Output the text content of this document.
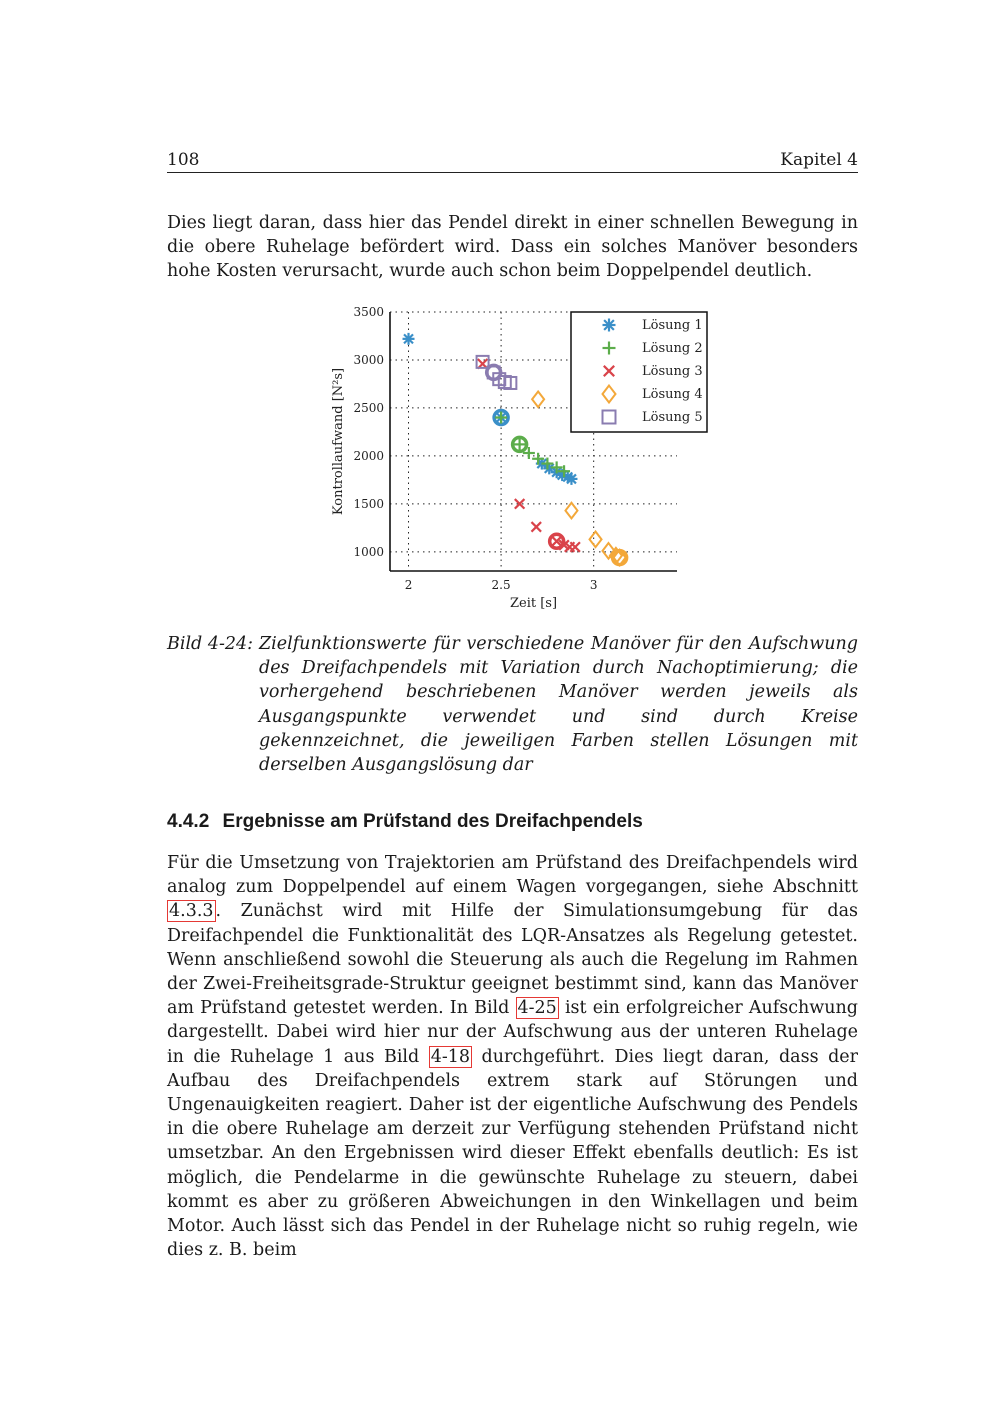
108	Kapitel 4

Dies liegt daran, dass hier das Pendel direkt in einer schnellen Bewegung in die obere Ruhelage befördert wird. Dass ein solches Manöver besonders hohe Kosten verursacht, wurde auch schon beim Doppelpendel deutlich.

2	2.5	3
1000
1500
2000
2500
3000
3500
Zeit [s]
Kontrollaufwand [N²s]
Lösung 1
Lösung 2
Lösung 3
Lösung 4
Lösung 5
Bild 4-24: Zielfunktionswerte für verschiedene Manöver für den Aufschwung des Dreifachpendels mit Variation durch Nachoptimierung; die vorhergehend beschriebenen Manöver werden jeweils als Ausgangspunkte verwendet und sind durch Kreise gekennzeichnet, die jeweiligen Farben stellen Lösungen mit derselben Ausgangslösung dar
4.4.2 Ergebnisse am Prüfstand des Dreifachpendels

Für die Umsetzung von Trajektorien am Prüfstand des Dreifachpendels wird analog zum Doppelpendel auf einem Wagen vorgegangen, siehe Abschnitt 4.3.3 . Zunächst wird mit Hilfe der Simulationsumgebung für das Dreifachpendel die Funktionalität des LQR-Ansatzes als Regelung getestet. Wenn anschließend sowohl die Steuerung als auch die Regelung im Rahmen der Zwei-Freiheitsgrade-Struktur geeignet bestimmt sind, kann das Manöver am Prüfstand getestet werden. In Bild 4-25 ist ein erfolgreicher Aufschwung dargestellt. Dabei wird hier nur der Aufschwung aus der unteren Ruhelage in die Ruhelage 1 aus Bild 4-18 durchgeführt. Dies liegt daran, dass der Aufbau des Dreifachpendels extrem stark auf Störungen und Ungenauigkeiten reagiert. Daher ist der eigentliche Aufschwung des Pendels in die obere Ruhelage am derzeit zur Verfügung stehenden Prüfstand nicht umsetzbar. An den Ergebnissen wird dieser Effekt ebenfalls deutlich: Es ist möglich, die Pendelarme in die gewünschte Ruhelage zu steuern, dabei kommt es aber zu größeren Abweichungen in den Winkellagen und beim Motor. Auch lässt sich das Pendel in der Ruhelage nicht so ruhig regeln, wie dies z. B. beim
